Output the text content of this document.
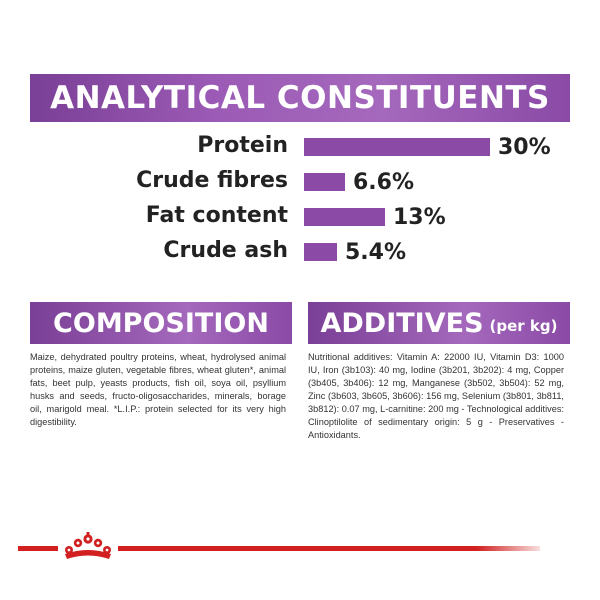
ANALYTICAL CONSTITUENTS
Protein	30%
Crude fibres	6.6%
Fat content	13%
Crude ash	5.4%
COMPOSITION
Maize, dehydrated poultry proteins, wheat, hydrolysed animal proteins, maize gluten, vegetable fibres, wheat gluten*, animal fats, beet pulp, yeasts products, fish oil, soya oil, psyllium husks and seeds, fructo-oligosaccharides, minerals, borage oil, marigold meal. *L.I.P.: protein selected for its very high digestibility.
ADDITIVES (per kg)
Nutritional additives: Vitamin A: 22000 IU, Vitamin D3: 1000 IU, Iron (3b103): 40 mg, Iodine (3b201, 3b202): 4 mg, Copper (3b405, 3b406): 12 mg, Manganese (3b502, 3b504): 52 mg, Zinc (3b603, 3b605, 3b606): 156 mg, Selenium (3b801, 3b811, 3b812): 0.07 mg, L-carnitine: 200 mg - Technological additives: Clinoptilolite of sedimentary origin: 5 g - Preservatives - Antioxidants.
